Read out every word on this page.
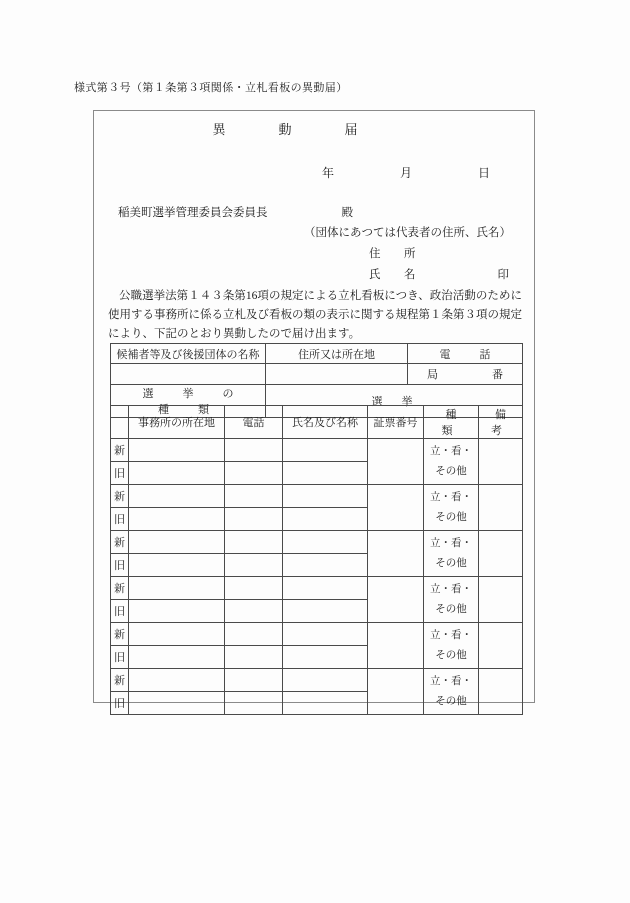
様式第３号（第１条第３項関係・立札看板の異動届）
異　動　届
年　　月　　日
稲美町選挙管理委員会委員長	殿
（団体にあつては代表者の住所、氏名）
住　所
氏　名	印

公職選挙法第１４３条第16項の規定による立札看板につき、政治活動のために使用する事務所に係る立札及び看板の類の表示に関する規程第１条第３項の規定により、下記のとおり異動したので届け出ます。

候補者等及び後援団体の名称	住所又は所在地	電　話

		局 番

選　挙　の　種　類	選　挙	
	事務所の所在地	電話	氏名及び名称	証票番号	種　類	備　考
新					立・看・
その他	

旧						
新					立・看・
その他	

旧						
新					立・看・
その他	

旧						
新					立・看・
その他	

旧						
新					立・看・
その他	

旧						
新					立・看・
その他	

旧						
